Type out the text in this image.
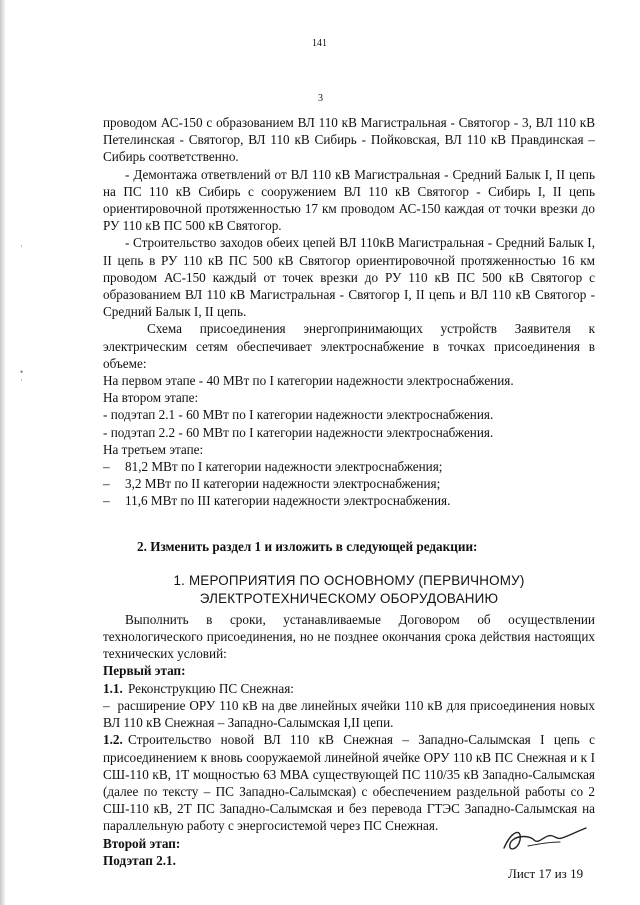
·
•
·
141
3

проводом АС-150 с образованием ВЛ 110 кВ Магистральная - Святогор - 3, ВЛ 110 кВ Петелинская - Святогор, ВЛ 110 кВ Сибирь - Пойковская, ВЛ 110 кВ Правдинская – Сибирь соответственно.

- Демонтажа ответвлений от ВЛ 110 кВ Магистральная - Средний Балык I, II цепь на ПС 110 кВ Сибирь с сооружением ВЛ 110 кВ Святогор - Сибирь I, II цепь ориентировочной протяженностью 17 км проводом АС-150 каждая от точки врезки до РУ 110 кВ ПС 500 кВ Святогор.

- Строительство заходов обеих цепей ВЛ 110кВ Магистральная - Средний Балык I, II цепь в РУ 110 кВ ПС 500 кВ Святогор ориентировочной протяженностью 16 км проводом АС-150 каждый от точек врезки до РУ 110 кВ ПС 500 кВ Святогор с образованием ВЛ 110 кВ Магистральная - Святогор I, II цепь и ВЛ 110 кВ Святогор - Средний Балык I, II цепь.

Схема присоединения энергопринимающих устройств Заявителя к электрическим сетям обеспечивает электроснабжение в точках присоединения в объеме:

На первом этапе - 40 МВт по I категории надежности электроснабжения.

На втором этапе:

- подэтап 2.1 - 60 МВт по I категории надежности электроснабжения.

- подэтап 2.2 - 60 МВт по I категории надежности электроснабжения.

На третьем этапе:

– 81,2 МВт по I категории надежности электроснабжения;

– 3,2 МВт по II категории надежности электроснабжения;

– 11,6 МВт по III категории надежности электроснабжения.

2. Изменить раздел 1 и изложить в следующей редакции:

1. МЕРОПРИЯТИЯ ПО ОСНОВНОМУ (ПЕРВИЧНОМУ)

ЭЛЕКТРОТЕХНИЧЕСКОМУ ОБОРУДОВАНИЮ

Выполнить в сроки, устанавливаемые Договором об осуществлении технологического присоединения, но не позднее окончания срока действия настоящих технических условий:

Первый этап:

1.1. Реконструкцию ПС Снежная:

– расширение ОРУ 110 кВ на две линейных ячейки 110 кВ для присоединения новых ВЛ 110 кВ Снежная – Западно-Салымская I,II цепи.

1.2. Строительство новой ВЛ 110 кВ Снежная – Западно-Салымская I цепь с присоединением к вновь сооружаемой линейной ячейке ОРУ 110 кВ ПС Снежная и к I СШ-110 кВ, 1Т мощностью 63 МВА существующей ПС 110/35 кВ Западно-Салымская (далее по тексту – ПС Западно-Салымская) с обеспечением раздельной работы со 2 СШ-110 кВ, 2Т ПС Западно-Салымская и без перевода ГТЭС Западно-Салымская на параллельную работу с энергосистемой через ПС Снежная.

Второй этап:

Подэтап 2.1.

Лист 17 из 19
